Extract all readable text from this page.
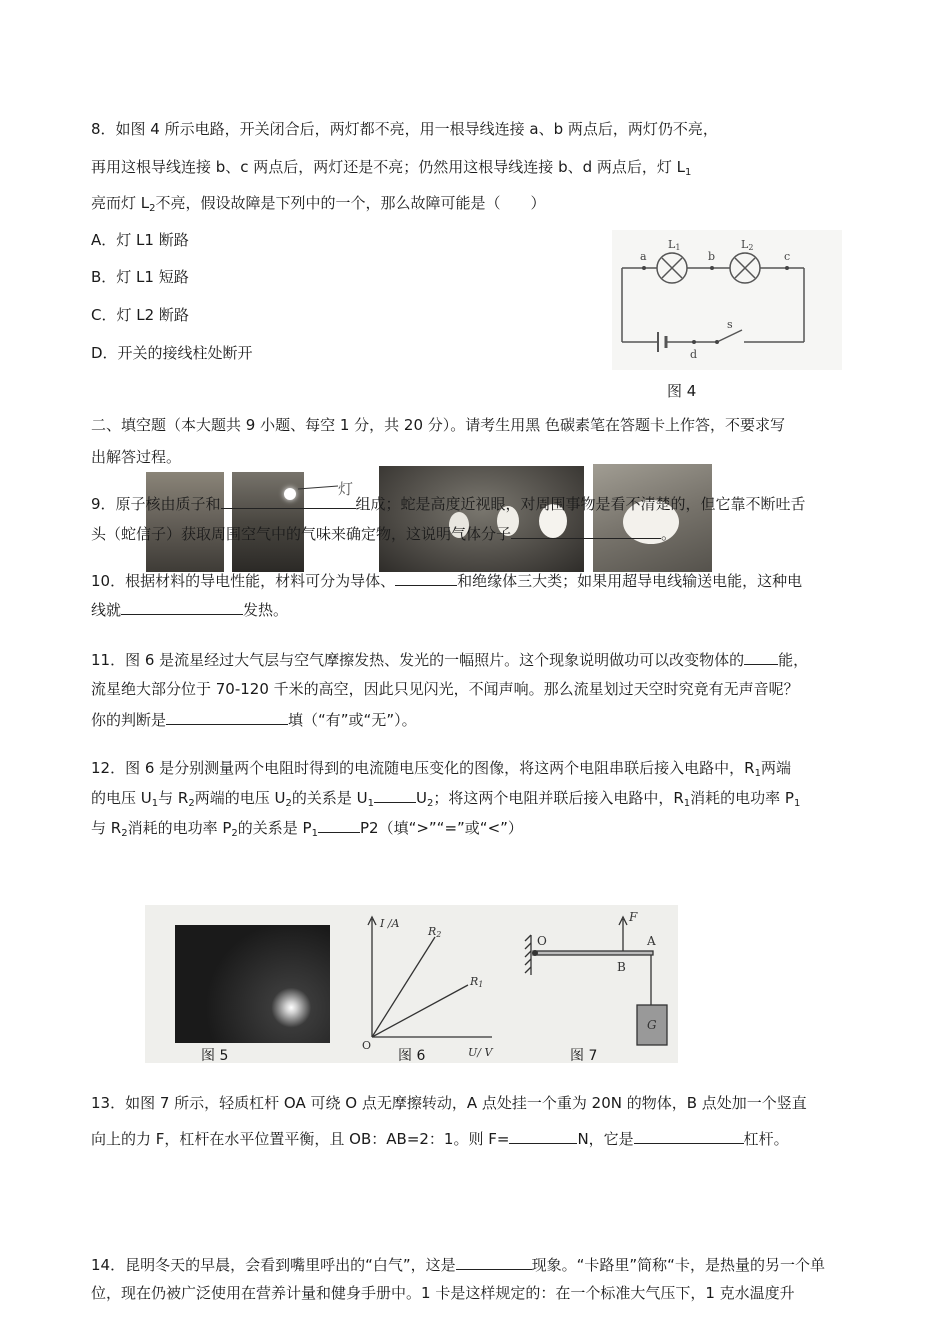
8．如图 4 所示电路，开关闭合后，两灯都不亮，用一根导线连接 a、b 两点后，两灯仍不亮，
再用这根导线连接 b、c 两点后，两灯还是不亮；仍然用这根导线连接 b、d 两点后，灯 $L_1$
亮而灯 $L_2$不亮，假设故障是下列中的一个，那么故障可能是（　　）
A．灯 L1 断路
B．灯 L1 短路
C．灯 L2 断路
D．开关的接线柱处断开
a	b	c
d
s
L1	L2
图 4
二、填空题（本大题共 9 小题、每空 1 分，共 20 分）。请考生用黑 色碳素笔在答题卡上作答，不要求写
出解答过程。
灯
9．原子核由质子和	组成；蛇是高度近视眼，对周围事物是看不清楚的，但它靠不断吐舌
头（蛇信子）获取周围空气中的气味来确定物，这说明气体分子	。
10．根据材料的导电性能，材料可分为导体、	和绝缘体三大类；如果用超导电线输送电能，这种电
线就	发热。
11．图 6 是流星经过大气层与空气摩擦发热、发光的一幅照片。这个现象说明做功可以改变物体的 能，
流星绝大部分位于 70-120 千米的高空，因此只见闪光，不闻声响。那么流星划过天空时究竟有无声音呢？
你的判断是	填（“有”或“无”）。
12．图 6 是分别测量两个电阻时得到的电流随电压变化的图像，将这两个电阻串联后接入电路中，$R_1$两端
的电压 $U_1$与 $R_2$两端的电压 $U_2$的关系是 $U_1$	$U_2$；将这两个电阻并联后接入电路中，$R_1$消耗的电功率 $P_1$
与 $R_2$消耗的电功率 $P_2$的关系是 $P_1$	P2（填“>”“=”或“<”）
图 5
I /A
R2
R1
O
U/ V
图 6
O	A
B
F
G
图 7
13．如图 7 所示，轻质杠杆 OA 可绕 O 点无摩擦转动，A 点处挂一个重为 20N 的物体，B 点处加一个竖直
向上的力 F，杠杆在水平位置平衡，且 OB：AB=2：1。则 F=	N，它是	杠杆。
14．昆明冬天的早晨，会看到嘴里呼出的“白气”，这是	现象。“卡路里”简称“卡，是热量的另一个单
位，现在仍被广泛使用在营养计量和健身手册中。1 卡是这样规定的：在一个标准大气压下，1 克水温度升
